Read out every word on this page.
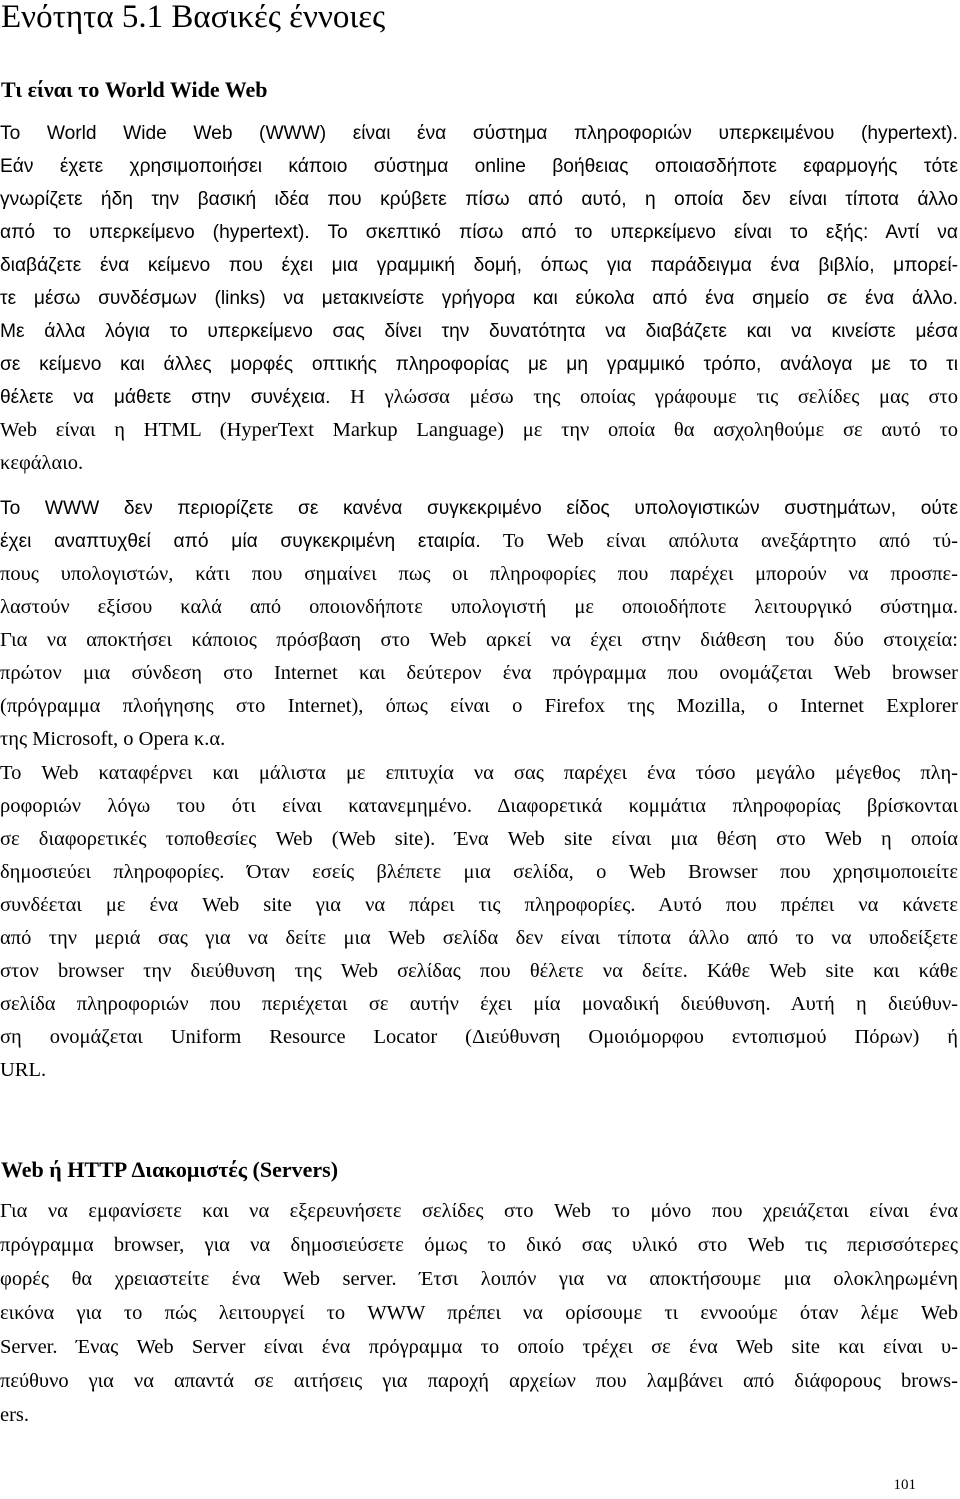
Ενότητα 5.1 Βασικές έννοιες
Τι είναι το World Wide Web
Το World Wide Web (WWW) είναι ένα σύστημα πληροφοριών υπερκειμένου (hypertext).
Εάν έχετε χρησιμοποιήσει κάποιο σύστημα online βοήθειας οποιασδήποτε εφαρμογής τότε
γνωρίζετε ήδη την βασική ιδέα που κρύβετε πίσω από αυτό, η οποία δεν είναι τίποτα άλλο
από το υπερκείμενο (hypertext). Το σκεπτικό πίσω από το υπερκείμενο είναι το εξής: Αντί να
διαβάζετε ένα κείμενο που έχει μια γραμμική δομή, όπως για παράδειγμα ένα βιβλίο, μπορεί-
τε μέσω συνδέσμων (links) να μετακινείστε γρήγορα και εύκολα από ένα σημείο σε ένα άλλο.
Με άλλα λόγια το υπερκείμενο σας δίνει την δυνατότητα να διαβάζετε και να κινείστε μέσα
σε κείμενο και άλλες μορφές οπτικής πληροφορίας με μη γραμμικό τρόπο, ανάλογα με το τι
θέλετε να μάθετε στην συνέχεια. Η γλώσσα μέσω της οποίας γράφουμε τις σελίδες μας στο
Web είναι η HTML (HyperText Markup Language) με την οποία θα ασχοληθούμε σε αυτό το
κεφάλαιο.
Το WWW δεν περιορίζετε σε κανένα συγκεκριμένο είδος υπολογιστικών συστημάτων, ούτε
έχει αναπτυχθεί από μία συγκεκριμένη εταιρία. Το Web είναι απόλυτα ανεξάρτητο από τύ-
πους υπολογιστών, κάτι που σημαίνει πως οι πληροφορίες που παρέχει μπορούν να προσπε-
λαστούν εξίσου καλά από οποιονδήποτε υπολογιστή με οποιοδήποτε λειτουργικό σύστημα.
Για να αποκτήσει κάποιος πρόσβαση στο Web αρκεί να έχει στην διάθεση του δύο στοιχεία:
πρώτον μια σύνδεση στο Internet και δεύτερον ένα πρόγραμμα που ονομάζεται Web browser
(πρόγραμμα πλοήγησης στο Internet), όπως είναι ο Firefox της Mozilla, ο Internet Explorer
της Microsoft, ο Opera κ.α.
Το Web καταφέρνει και μάλιστα με επιτυχία να σας παρέχει ένα τόσο μεγάλο μέγεθος πλη-
ροφοριών λόγω του ότι είναι κατανεμημένο. Διαφορετικά κομμάτια πληροφορίας βρίσκονται
σε διαφορετικές τοποθεσίες Web (Web site). Ένα Web site είναι μια θέση στο Web η οποία
δημοσιεύει πληροφορίες. Όταν εσείς βλέπετε μια σελίδα, ο Web Browser που χρησιμοποιείτε
συνδέεται με ένα Web site για να πάρει τις πληροφορίες. Αυτό που πρέπει να κάνετε
από την μεριά σας για να δείτε μια Web σελίδα δεν είναι τίποτα άλλο από το να υποδείξετε
στον browser την διεύθυνση της Web σελίδας που θέλετε να δείτε. Κάθε Web site και κάθε
σελίδα πληροφοριών που περιέχεται σε αυτήν έχει μία μοναδική διεύθυνση. Αυτή η διεύθυν-
ση ονομάζεται Uniform Resource Locator (Διεύθυνση Ομοιόμορφου εντοπισμού Πόρων) ή
URL.
Web ή HTTP Διακομιστές (Servers)
Για να εμφανίσετε και να εξερευνήσετε σελίδες στο Web το μόνο που χρειάζεται είναι ένα
πρόγραμμα browser, για να δημοσιεύσετε όμως το δικό σας υλικό στο Web τις περισσότερες
φορές θα χρειαστείτε ένα Web server. Έτσι λοιπόν για να αποκτήσουμε μια ολοκληρωμένη
εικόνα για το πώς λειτουργεί το WWW πρέπει να ορίσουμε τι εννοούμε όταν λέμε Web
Server. Ένας Web Server είναι ένα πρόγραμμα το οποίο τρέχει σε ένα Web site και είναι υ-
πεύθυνο για να απαντά σε αιτήσεις για παροχή αρχείων που λαμβάνει από διάφορους brows-
ers.
101
